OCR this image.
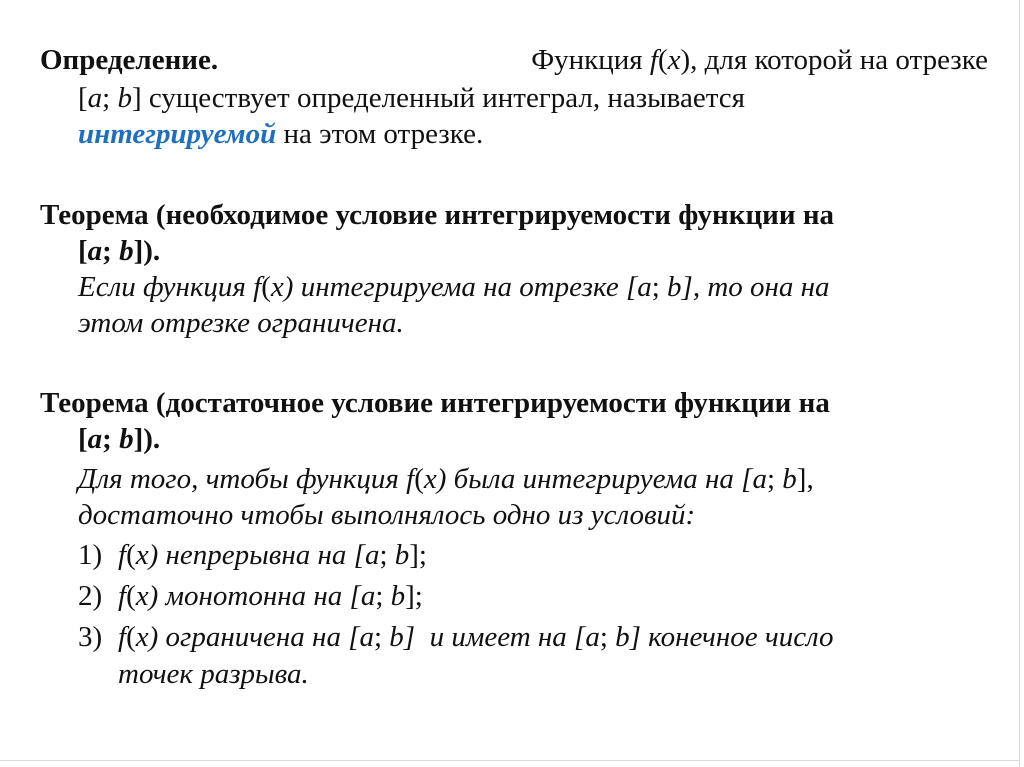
Определение.	Функция f(x), для которой на отрезке
[a; b] существует определенный интеграл, называется
интегрируемой на этом отрезке.
Теорема (необходимое условие интегрируемости функции на
[a; b]).
Если функция f(x) интегрируема на отрезке [a; b], то она на
этом отрезке ограничена.
Теорема (достаточное условие интегрируемости функции на
[a; b]).
Для того, чтобы функция f(x) была интегрируема на [a; b],
достаточно чтобы выполнялось одно из условий:
1) f(x) непрерывна на [a; b];
2) f(x) монотонна на [a; b];
3) f(x) ограничена на [a; b]  и имеет на [a; b] конечное число
точек разрыва.
